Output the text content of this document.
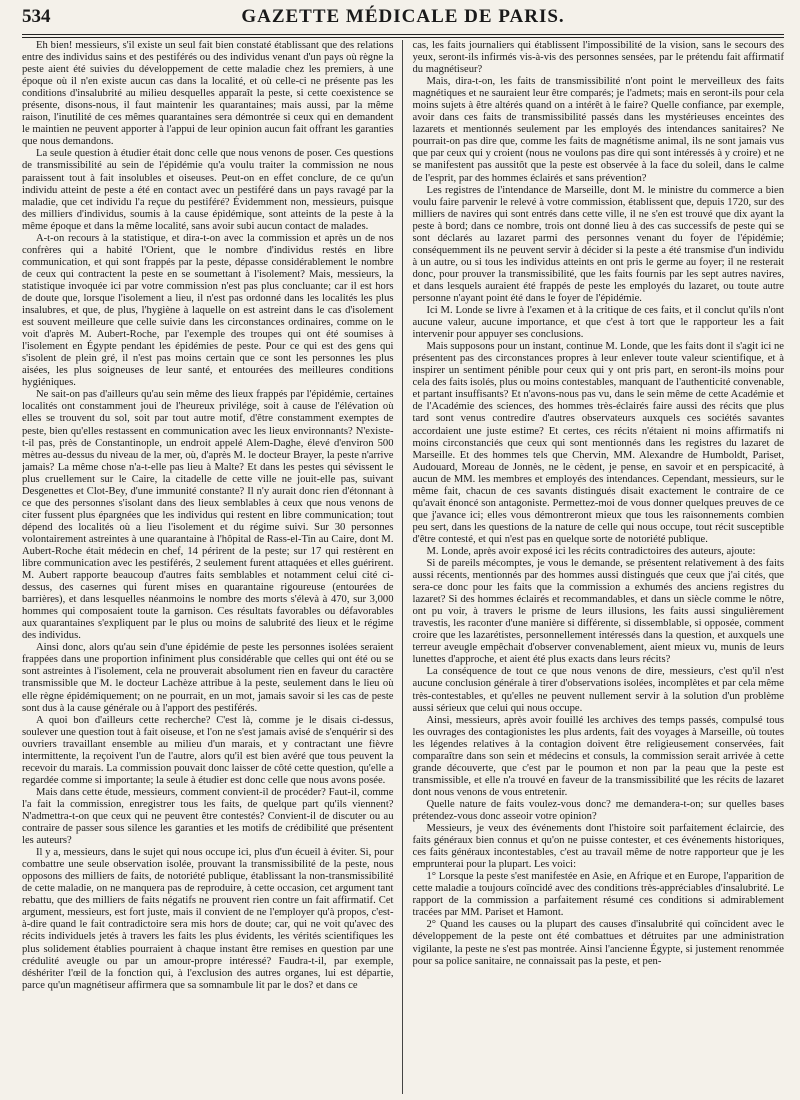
534	GAZETTE MÉDICALE DE PARIS.

Eh bien! messieurs, s'il existe un seul fait bien constaté établissant que des relations entre des individus sains et des pestiférés ou des individus venant d'un pays où règne la peste aient été suivies du développement de cette maladie chez les premiers, à une époque où il n'en existe aucun cas dans la localité, et où celle-ci ne présente pas les conditions d'insalubrité au milieu desquelles apparaît la peste, si cette coexistence se présente, disons-nous, il faut maintenir les quarantaines; mais aussi, par la même raison, l'inutilité de ces mêmes quarantaines sera démontrée si ceux qui en demandent le maintien ne peuvent apporter à l'appui de leur opinion aucun fait offrant les garanties que nous demandons.

La seule question à étudier était donc celle que nous venons de poser. Ces questions de transmissibilité au sein de l'épidémie qu'a voulu traiter la commission ne nous paraissent tout à fait insolubles et oiseuses. Peut-on en effet conclure, de ce qu'un individu atteint de peste a été en contact avec un pestiféré dans un pays ravagé par la maladie, que cet individu l'a reçue du pestiféré? Évidemment non, messieurs, puisque des milliers d'individus, soumis à la cause épidémique, sont atteints de la peste à la même époque et dans la même localité, sans avoir subi aucun contact de malades.

A-t-on recours à la statistique, et dira-t-on avec la commission et après un de nos confrères qui a habité l'Orient, que le nombre d'individus restés en libre communication, et qui sont frappés par la peste, dépasse considérablement le nombre de ceux qui contractent la peste en se soumettant à l'isolement? Mais, messieurs, la statistique invoquée ici par votre commission n'est pas plus concluante; car il est hors de doute que, lorsque l'isolement a lieu, il n'est pas ordonné dans les localités les plus insalubres, et que, de plus, l'hygiène à laquelle on est astreint dans le cas d'isolement est souvent meilleure que celle suivie dans les circonstances ordinaires, comme on le voit d'après M. Aubert-Roche, par l'exemple des troupes qui ont été soumises à l'isolement en Égypte pendant les épidémies de peste. Pour ce qui est des gens qui s'isolent de plein gré, il n'est pas moins certain que ce sont les personnes les plus aisées, les plus soigneuses de leur santé, et entourées des meilleures conditions hygiéniques.

Ne sait-on pas d'ailleurs qu'au sein même des lieux frappés par l'épidémie, certaines localités ont constamment joui de l'heureux privilége, soit à cause de l'élévation où elles se trouvent du sol, soit par tout autre motif, d'être constamment exemptes de peste, bien qu'elles restassent en communication avec les lieux environnants? N'existe-t-il pas, près de Constantinople, un endroit appelé Alem-Daghe, élevé d'environ 500 mètres au-dessus du niveau de la mer, où, d'après M. le docteur Brayer, la peste n'arrive jamais? La même chose n'a-t-elle pas lieu à Malte? Et dans les pestes qui sévissent le plus cruellement sur le Caire, la citadelle de cette ville ne jouit-elle pas, suivant Desgenettes et Clot-Bey, d'une immunité constante? Il n'y aurait donc rien d'étonnant à ce que des personnes s'isolant dans des lieux semblables à ceux que nous venons de citer fussent plus épargnées que les individus qui restent en libre communication; tout dépend des localités où a lieu l'isolement et du régime suivi. Sur 30 personnes volontairement astreintes à une quarantaine à l'hôpital de Rass-el-Tin au Caire, dont M. Aubert-Roche était médecin en chef, 14 périrent de la peste; sur 17 qui restèrent en libre communication avec les pestiférés, 2 seulement furent attaquées et elles guérirent. M. Aubert rapporte beaucoup d'autres faits semblables et notamment celui cité ci-dessus, des casernes qui furent mises en quarantaine rigoureuse (entourées de barrières), et dans lesquelles néanmoins le nombre des morts s'élevà à 470, sur 3,000 hommes qui composaient toute la garnison. Ces résultats favorables ou défavorables aux quarantaines s'expliquent par le plus ou moins de salubrité des lieux et le régime des individus.

Ainsi donc, alors qu'au sein d'une épidémie de peste les personnes isolées seraient frappées dans une proportion infiniment plus considérable que celles qui ont été ou se sont astreintes à l'isolement, cela ne prouverait absolument rien en faveur du caractère transmissible que M. le docteur Lachèze attribue à la peste, seulement dans le lieu où elle règne épidémiquement; on ne pourrait, en un mot, jamais savoir si les cas de peste sont dus à la cause générale ou à l'apport des pestiférés.

A quoi bon d'ailleurs cette recherche? C'est là, comme je le disais ci-dessus, soulever une question tout à fait oiseuse, et l'on ne s'est jamais avisé de s'enquérir si des ouvriers travaillant ensemble au milieu d'un marais, et y contractant une fièvre intermittente, la reçoivent l'un de l'autre, alors qu'il est bien avéré que tous peuvent la recevoir du marais. La commission pouvait donc laisser de côté cette question, qu'elle a regardée comme si importante; la seule à étudier est donc celle que nous avons posée.

Mais dans cette étude, messieurs, comment convient-il de procéder? Faut-il, comme l'a fait la commission, enregistrer tous les faits, de quelque part qu'ils viennent? N'admettra-t-on que ceux qui ne peuvent être contestés? Convient-il de discuter ou au contraire de passer sous silence les garanties et les motifs de crédibilité que présentent les auteurs?

Il y a, messieurs, dans le sujet qui nous occupe ici, plus d'un écueil à éviter. Si, pour combattre une seule observation isolée, prouvant la transmissibilité de la peste, nous opposons des milliers de faits, de notoriété publique, établissant la non-transmissibilité de cette maladie, on ne manquera pas de reproduire, à cette occasion, cet argument tant rebattu, que des milliers de faits négatifs ne prouvent rien contre un fait affirmatif. Cet argument, messieurs, est fort juste, mais il convient de ne l'employer qu'à propos, c'est-à-dire quand le fait contradictoire sera mis hors de doute; car, qui ne voit qu'avec des récits individuels jetés à travers les faits les plus évidents, les vérités scientifiques les plus solidement établies pourraient à chaque instant être remises en question par une crédulité aveugle ou par un amour-propre intéressé? Faudra-t-il, par exemple, déshériter l'œil de la fonction qui, à l'exclusion des autres organes, lui est départie, parce qu'un magnétiseur affirmera que sa somnambule lit par le dos? et dans ce

cas, les faits journaliers qui établissent l'impossibilité de la vision, sans le secours des yeux, seront-ils infirmés vis-à-vis des personnes sensées, par le prétendu fait affirmatif du magnétiseur?

Mais, dira-t-on, les faits de transmissibilité n'ont point le merveilleux des faits magnétiques et ne sauraient leur être comparés; je l'admets; mais en seront-ils pour cela moins sujets à être altérés quand on a intérêt à le faire? Quelle confiance, par exemple, avoir dans ces faits de transmissibilité passés dans les mystérieuses enceintes des lazarets et mentionnés seulement par les employés des intendances sanitaires? Ne pourrait-on pas dire que, comme les faits de magnétisme animal, ils ne sont jamais vus que par ceux qui y croient (nous ne voulons pas dire qui sont intéressés à y croire) et ne se manifestent pas aussitôt que la peste est observée à la face du soleil, dans le calme de l'esprit, par des hommes éclairés et sans prévention?

Les registres de l'intendance de Marseille, dont M. le ministre du commerce a bien voulu faire parvenir le relevé à votre commission, établissent que, depuis 1720, sur des milliers de navires qui sont entrés dans cette ville, il ne s'en est trouvé que dix ayant la peste à bord; dans ce nombre, trois ont donné lieu à des cas successifs de peste qui se sont déclarés au lazaret parmi des personnes venant du foyer de l'épidémie; conséquemment ils ne peuvent servir à décider si la peste a été transmise d'un individu à un autre, ou si tous les individus atteints en ont pris le germe au foyer; il ne resterait donc, pour prouver la transmissibilité, que les faits fournis par les sept autres navires, et dans lesquels auraient été frappés de peste les employés du lazaret, ou toute autre personne n'ayant point été dans le foyer de l'épidémie.

Ici M. Londe se livre à l'examen et à la critique de ces faits, et il conclut qu'ils n'ont aucune valeur, aucune importance, et que c'est à tort que le rapporteur les a fait intervenir pour appuyer ses conclusions.

Mais supposons pour un instant, continue M. Londe, que les faits dont il s'agit ici ne présentent pas des circonstances propres à leur enlever toute valeur scientifique, et à inspirer un sentiment pénible pour ceux qui y ont pris part, en seront-ils moins pour cela des faits isolés, plus ou moins contestables, manquant de l'authenticité convenable, et partant insuffisants? Et n'avons-nous pas vu, dans le sein même de cette Académie et de l'Académie des sciences, des hommes très-éclairés faire aussi des récits que plus tard sont venus contredire d'autres observateurs auxquels ces sociétés savantes accordaient une juste estime? Et certes, ces récits n'étaient ni moins affirmatifs ni moins circonstanciés que ceux qui sont mentionnés dans les registres du lazaret de Marseille. Et des hommes tels que Chervin, MM. Alexandre de Humboldt, Pariset, Audouard, Moreau de Jonnès, ne le cèdent, je pense, en savoir et en perspicacité, à aucun de MM. les membres et employés des intendances. Cependant, messieurs, sur le même fait, chacun de ces savants distingués disait exactement le contraire de ce qu'avait énoncé son antagoniste. Permettez-moi de vous donner quelques preuves de ce que j'avance ici; elles vous démontreront mieux que tous les raisonnements combien peu sert, dans les questions de la nature de celle qui nous occupe, tout récit susceptible d'être contesté, et qui n'est pas en quelque sorte de notoriété publique.

M. Londe, après avoir exposé ici les récits contradictoires des auteurs, ajoute:

Si de pareils mécomptes, je vous le demande, se présentent relativement à des faits aussi récents, mentionnés par des hommes aussi distingués que ceux que j'ai cités, que sera-ce donc pour les faits que la commission a exhumés des anciens registres du lazaret? Si des hommes éclairés et recommandables, et dans un siècle comme le nôtre, ont pu voir, à travers le prisme de leurs illusions, les faits aussi singulièrement travestis, les raconter d'une manière si différente, si dissemblable, si opposée, comment croire que les lazarétistes, personnellement intéressés dans la question, et auxquels une terreur aveugle empêchait d'observer convenablement, aient mieux vu, munis de leurs lunettes d'approche, et aient été plus exacts dans leurs récits?

La conséquence de tout ce que nous venons de dire, messieurs, c'est qu'il n'est aucune conclusion générale à tirer d'observations isolées, incomplètes et par cela même très-contestables, et qu'elles ne peuvent nullement servir à la solution d'un problème aussi sérieux que celui qui nous occupe.

Ainsi, messieurs, après avoir fouillé les archives des temps passés, compulsé tous les ouvrages des contagionistes les plus ardents, fait des voyages à Marseille, où toutes les légendes relatives à la contagion doivent être religieusement conservées, fait comparaître dans son sein et médecins et consuls, la commission serait arrivée à cette grande découverte, que c'est par le poumon et non par la peau que la peste est transmissible, et elle n'a trouvé en faveur de la transmissibilité que les récits de lazaret dont nous venons de vous entretenir.

Quelle nature de faits voulez-vous donc? me demandera-t-on; sur quelles bases prétendez-vous donc asseoir votre opinion?

Messieurs, je veux des événements dont l'histoire soit parfaitement éclaircie, des faits généraux bien connus et qu'on ne puisse contester, et ces événements historiques, ces faits généraux incontestables, c'est au travail même de notre rapporteur que je les emprunterai pour la plupart. Les voici:

1° Lorsque la peste s'est manifestée en Asie, en Afrique et en Europe, l'apparition de cette maladie a toujours coïncidé avec des conditions très-appréciables d'insalubrité. Le rapport de la commission a parfaitement résumé ces conditions si admirablement tracées par MM. Pariset et Hamont.

2° Quand les causes ou la plupart des causes d'insalubrité qui coïncident avec le développement de la peste ont été combattues et détruites par une administration vigilante, la peste ne s'est pas montrée. Ainsi l'ancienne Égypte, si justement renommée pour sa police sanitaire, ne connaissait pas la peste, et pen-
